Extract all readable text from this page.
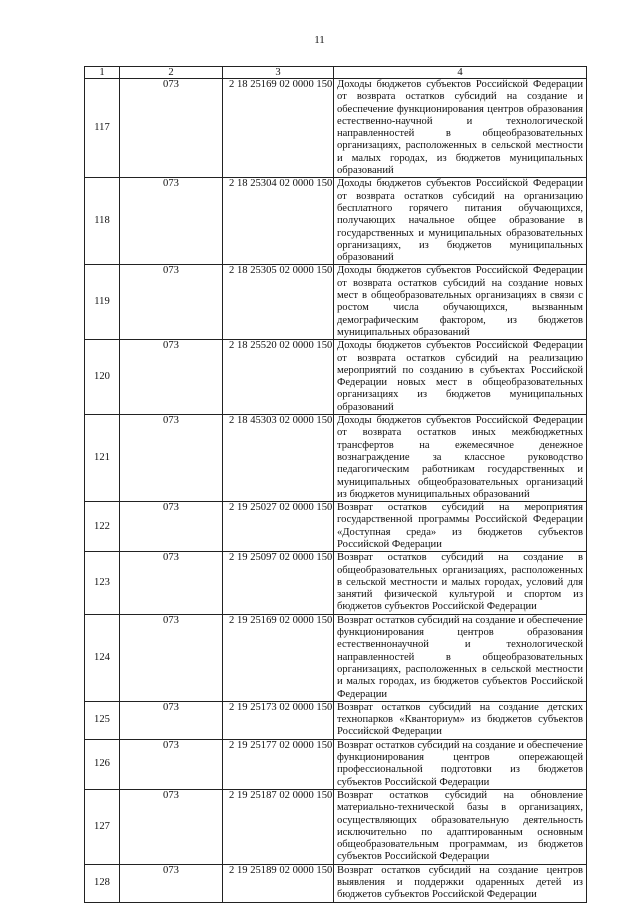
11
1	2	3	4
117	073	2 18 25169 02 0000 150	Доходы бюджетов субъектов Российской Федерации от возврата остатков субсидий на создание и обеспечение функционирования центров образования естественно-научной и технологической направленностей в общеобразовательных организациях, расположенных в сельской местности и малых городах, из бюджетов муниципальных образований
118	073	2 18 25304 02 0000 150	Доходы бюджетов субъектов Российской Федерации от возврата остатков субсидий на организацию бесплатного горячего питания обучающихся, получающих начальное общее образование в государственных и муниципальных образовательных организациях, из бюджетов муниципальных образований
119	073	2 18 25305 02 0000 150	Доходы бюджетов субъектов Российской Федерации от возврата остатков субсидий на создание новых мест в общеобразовательных организациях в связи с ростом числа обучающихся, вызванным демографическим фактором, из бюджетов муниципальных образований
120	073	2 18 25520 02 0000 150	Доходы бюджетов субъектов Российской Федерации от возврата остатков субсидий на реализацию мероприятий по созданию в субъектах Российской Федерации новых мест в общеобразовательных организациях из бюджетов муниципальных образований
121	073	2 18 45303 02 0000 150	Доходы бюджетов субъектов Российской Федерации от возврата остатков иных межбюджетных трансфертов на ежемесячное денежное вознаграждение за классное руководство педагогическим работникам государственных и муниципальных общеобразовательных организаций из бюджетов муниципальных образований
122	073	2 19 25027 02 0000 150	Возврат остатков субсидий на мероприятия государственной программы Российской Федерации «Доступная среда» из бюджетов субъектов Российской Федерации
123	073	2 19 25097 02 0000 150	Возврат остатков субсидий на создание в общеобразовательных организациях, расположенных в сельской местности и малых городах, условий для занятий физической культурой и спортом из бюджетов субъектов Российской Федерации
124	073	2 19 25169 02 0000 150	Возврат остатков субсидий на создание и обеспечение функционирования центров образования естественнонаучной и технологической направленностей в общеобразовательных организациях, расположенных в сельской местности и малых городах, из бюджетов субъектов Российской Федерации
125	073	2 19 25173 02 0000 150	Возврат остатков субсидий на создание детских технопарков «Кванториум» из бюджетов субъектов Российской Федерации
126	073	2 19 25177 02 0000 150	Возврат остатков субсидий на создание и обеспечение функционирования центров опережающей профессиональной подготовки из бюджетов субъектов Российской Федерации
127	073	2 19 25187 02 0000 150	Возврат остатков субсидий на обновление материально-технической базы в организациях, осуществляющих образовательную деятельность исключительно по адаптированным основным общеобразовательным программам, из бюджетов субъектов Российской Федерации
128	073	2 19 25189 02 0000 150	Возврат остатков субсидий на создание центров выявления и поддержки одаренных детей из бюджетов субъектов Российской Федерации
